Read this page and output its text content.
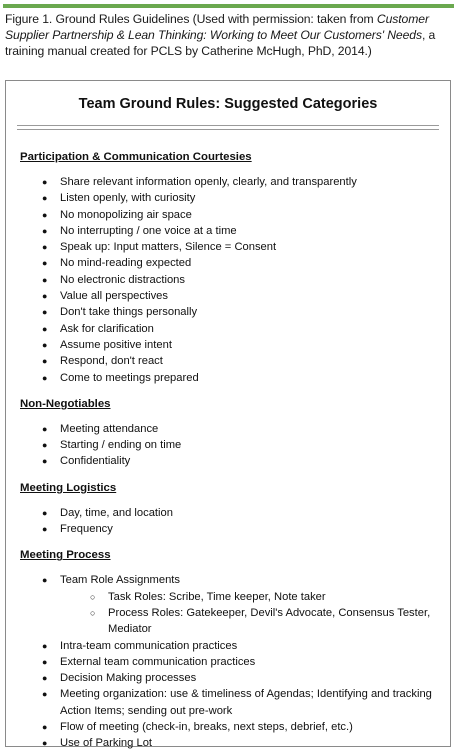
Figure 1. Ground Rules Guidelines (Used with permission: taken from Customer Supplier Partnership & Lean Thinking: Working to Meet Our Customers' Needs, a training manual created for PCLS by Catherine McHugh, PhD, 2014.)
Team Ground Rules: Suggested Categories
Participation & Communication Courtesies
● Share relevant information openly, clearly, and transparently
● Listen openly, with curiosity
● No monopolizing air space
● No interrupting / one voice at a time
● Speak up: Input matters, Silence = Consent
● No mind-reading expected
● No electronic distractions
● Value all perspectives
● Don't take things personally
● Ask for clarification
● Assume positive intent
● Respond, don't react
● Come to meetings prepared
Non-Negotiables
● Meeting attendance
● Starting / ending on time
● Confidentiality
Meeting Logistics
● Day, time, and location
● Frequency
Meeting Process
● Team Role Assignments
○ Task Roles: Scribe, Time keeper, Note taker
○ Process Roles: Gatekeeper, Devil's Advocate, Consensus Tester, Mediator
● Intra-team communication practices
● External team communication practices
● Decision Making processes
● Meeting organization: use & timeliness of Agendas; Identifying and tracking Action Items; sending out pre-work
● Flow of meeting (check-in, breaks, next steps, debrief, etc.)
● Use of Parking Lot
